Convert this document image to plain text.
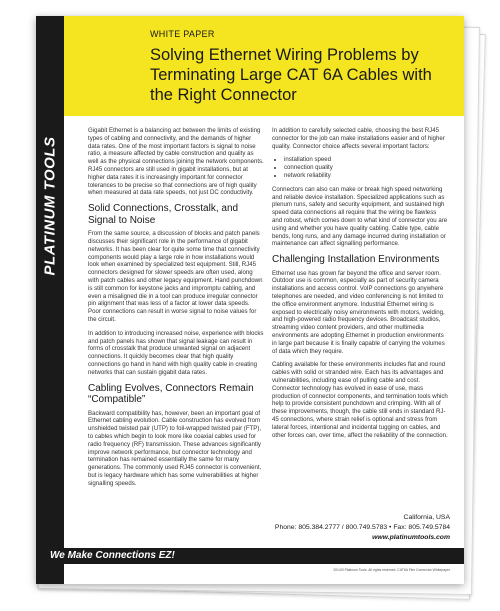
PLATINUM TOOLS
WHITE PAPER
Solving Ethernet Wiring Problems by Terminating Large CAT 6A Cables with the Right Connector

Gigabit Ethernet is a balancing act between the limits of existing types of cabling and connectivity, and the demands of higher data rates. One of the most important factors is signal to noise ratio, a measure affected by cable construction and quality as well as the physical connections joining the network components. RJ45 connectors are still used in gigabit installations, but at higher data rates it is increasingly important for connector tolerances to be precise so that connections are of high quality when measured at data rate speeds, not just DC conductivity.

Solid Connections, Crosstalk, and Signal to Noise

From the same source, a discussion of blocks and patch panels discusses their significant role in the performance of gigabit networks. It has been clear for quite some time that connectivity components would play a large role in how installations would look when examined by specialized test equipment. Still, RJ45 connectors designed for slower speeds are often used, along with patch cables and other legacy equipment. Hand punchdown is still common for keystone jacks and impromptu cabling, and even a misaligned die in a tool can produce irregular connector pin alignment that was less of a factor at lower data speeds. Poor connections can result in worse signal to noise values for the circuit.

In addition to introducing increased noise, experience with blocks and patch panels has shown that signal leakage can result in forms of crosstalk that produce unwanted signal on adjacent connections. It quickly becomes clear that high quality connections go hand in hand with high quality cable in creating networks that can sustain gigabit data rates.

Cabling Evolves, Connectors Remain “Compatible”

Backward compatibility has, however, been an important goal of Ethernet cabling evolution. Cable construction has evolved from unshielded twisted pair (UTP) to foil-wrapped twisted pair (FTP), to cables which begin to look more like coaxial cables used for radio frequency (RF) transmission. These advances significantly improve network performance, but connector technology and termination has remained essentially the same for many generations. The commonly used RJ45 connector is convenient, but is legacy hardware which has some vulnerabilities at higher signalling speeds.

In addition to carefully selected cable, choosing the best RJ45 connector for the job can make installations easier and of higher quality. Connector choice affects several important factors:

• installation speed
• connection quality
• network reliability

Connectors can also can make or break high speed networking and reliable device installation. Specialized applications such as plenum runs, safety and security equipment, and sustained high speed data connections all require that the wiring be flawless and robust, which comes down to what kind of connector you are using and whether you have quality cabling. Cable type, cable bends, long runs, and any damage incurred during installation or maintenance can affect signalling performance.

Challenging Installation Environments

Ethernet use has grown far beyond the office and server room. Outdoor use is common, especially as part of security camera installations and access control. VoIP connections go anywhere telephones are needed, and video conferencing is not limited to the office environment anymore. Industrial Ethernet wiring is exposed to electrically noisy environments with motors, welding, and high-powered radio frequency devices. Broadcast studios, streaming video content providers, and other multimedia environments are adopting Ethernet in production environments in large part because it is finally capable of carrying the volumes of data which they require.

Cabling available for these environments includes flat and round cables with solid or stranded wire. Each has its advantages and vulnerabilities, including ease of pulling cable and cost. Connector technology has evolved in ease of use, mass production of connector components, and termination tools which help to provide consistent punchdown and crimping. With all of these improvements, though, the cable still ends in standard RJ-45 connections, where strain relief is optional and stress from lateral forces, intentional and incidental tugging on cables, and other forces can, over time, affect the reliability of the connection.

California, USA
Phone: 805.384.2777 / 800.749.5783 • Fax: 805.749.5784
www.platinumtools.com
We Make Connections EZ!
2014/3 Platinum Tools. All rights reserved. CAT6A Flex Connector Whitepaper
